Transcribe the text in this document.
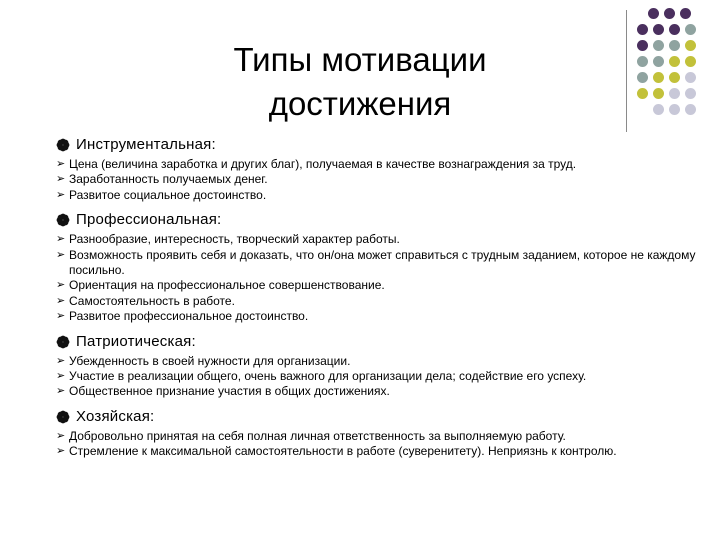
Типы мотивации
достижения
Инструментальная:
➢ Цена (величина заработка и других благ), получаемая в качестве вознаграждения за труд.
➢ Заработанность получаемых денег.
➢ Развитое социальное достоинство.
Профессиональная:
➢ Разнообразие, интересность, творческий характер работы.
➢ Возможность проявить себя и доказать, что он/она может справиться с трудным заданием, которое не каждому посильно.
➢ Ориентация на профессиональное совершенствование.
➢ Самостоятельность в работе.
➢ Развитое профессиональное достоинство.
Патриотическая:
➢ Убежденность в своей нужности для организации.
➢ Участие в реализации общего, очень важного для организации дела; содействие его успеху.
➢ Общественное признание участия в общих достижениях.
Хозяйская:
➢ Добровольно принятая на себя полная личная ответственность за выполняемую работу.
➢ Стремление к максимальной самостоятельности в работе (суверенитету). Неприязнь к контролю.
